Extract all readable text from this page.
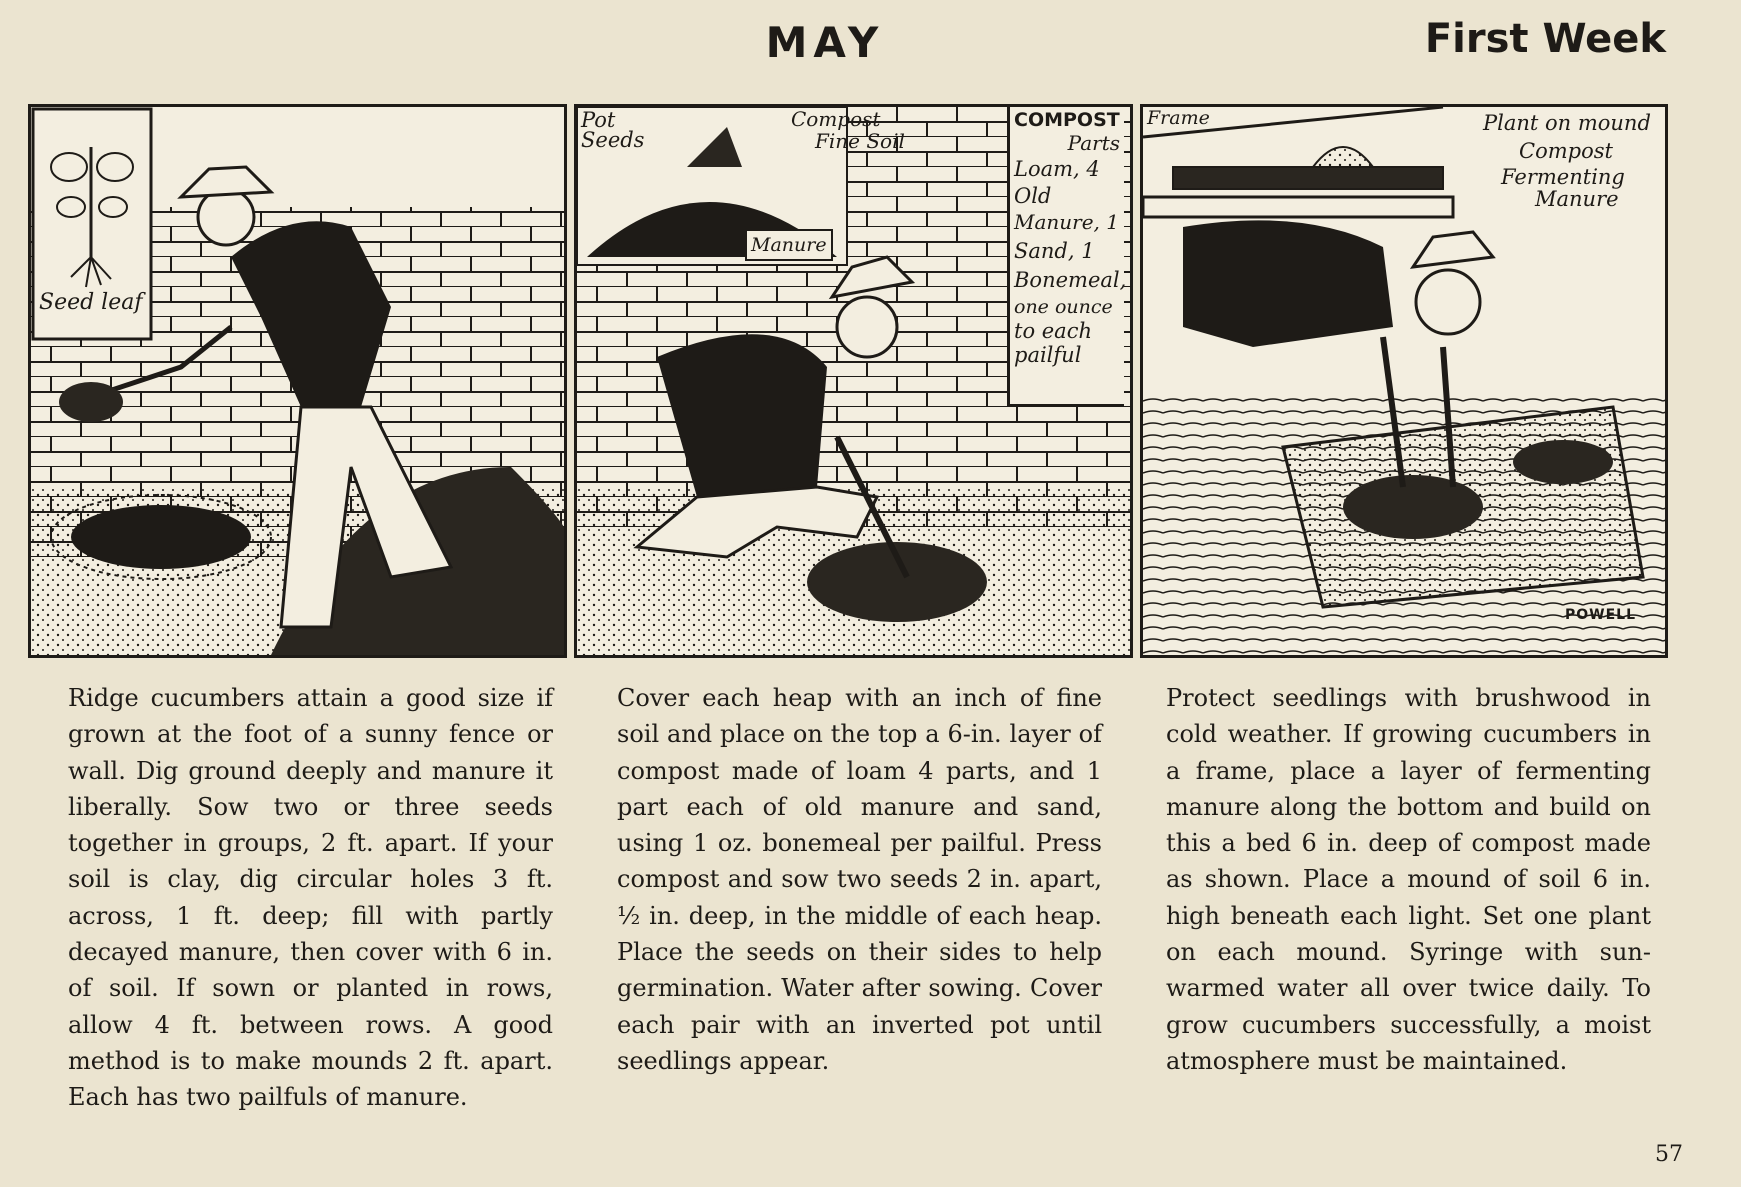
MAY	First Week
Seed leaf
Pot
Seeds
Compost
Fine Soil
Manure
COMPOST
Parts
Loam, 4
Old
Manure, 1
Sand, 1
Bonemeal,
one ounce
to each
pailful
Frame	Plant on mound
Compost
Fermenting
Manure
POWELL
Ridge cucumbers attain a good size if grown at the foot of a sunny fence or wall. Dig ground deeply and manure it liberally. Sow two or three seeds together in groups, 2 ft. apart. If your soil is clay, dig circular holes 3 ft. across, 1 ft. deep; fill with partly decayed manure, then cover with 6 in. of soil. If sown or planted in rows, allow 4 ft. between rows. A good method is to make mounds 2 ft. apart. Each has two pailfuls of manure.
Cover each heap with an inch of fine soil and place on the top a 6-in. layer of compost made of loam 4 parts, and 1 part each of old manure and sand, using 1 oz. bonemeal per pailful. Press compost and sow two seeds 2 in. apart, ½ in. deep, in the middle of each heap. Place the seeds on their sides to help germination. Water after sowing. Cover each pair with an inverted pot until seedlings appear.
Protect seedlings with brushwood in cold weather. If growing cucumbers in a frame, place a layer of fermenting manure along the bottom and build on this a bed 6 in. deep of compost made as shown. Place a mound of soil 6 in. high beneath each light. Set one plant on each mound. Syringe with sun-warmed water all over twice daily. To grow cucumbers successfully, a moist atmosphere must be maintained.
57
